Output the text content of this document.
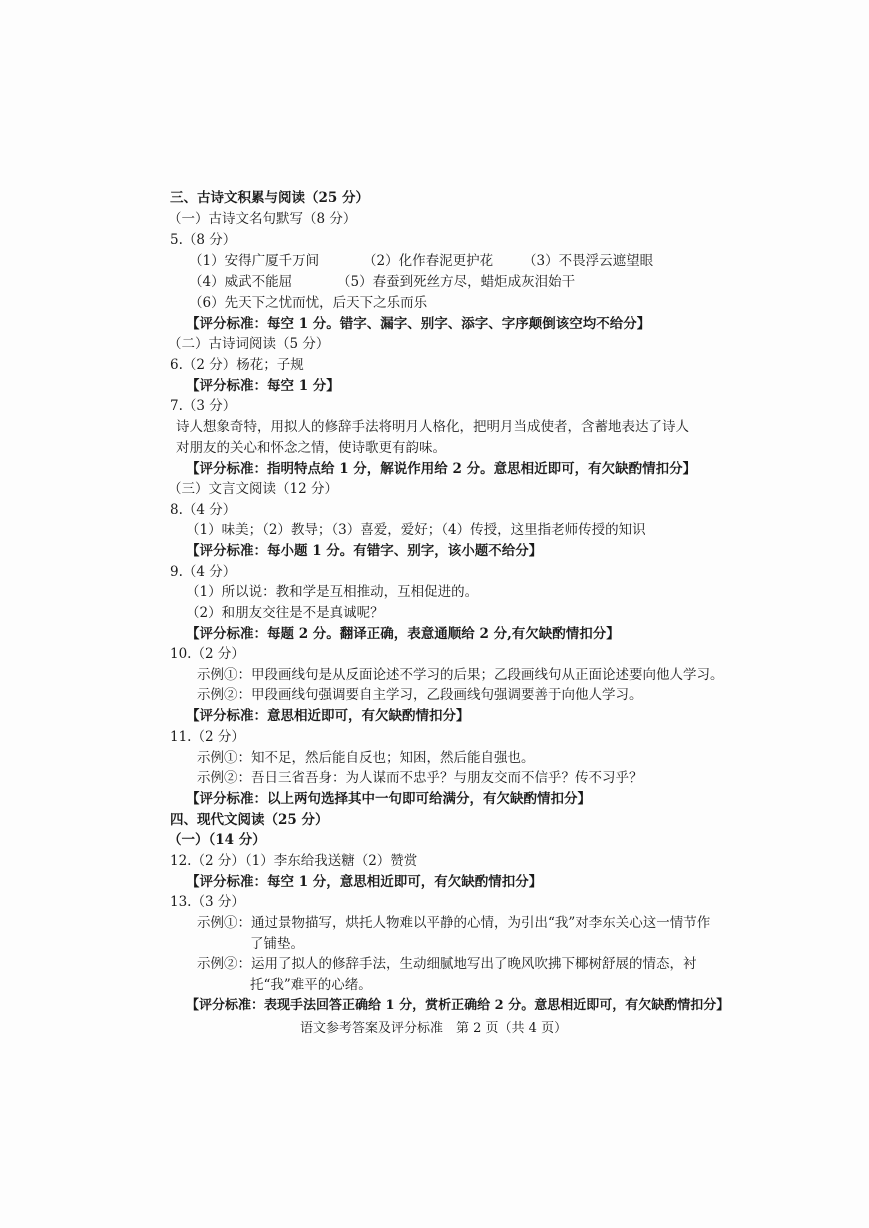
三、古诗文积累与阅读（25 分）
（一）古诗文名句默写（8 分）
5.（8 分）
（1）安得广厦千万间	（2）化作春泥更护花 （3）不畏浮云遮望眼
（4）威武不能屈	（5）春蚕到死丝方尽，蜡炬成灰泪始干
（6）先天下之忧而忧，后天下之乐而乐
【评分标准：每空 1 分。错字、漏字、别字、添字、字序颠倒该空均不给分】
（二）古诗词阅读（5 分）
6.（2 分）杨花；子规
【评分标准：每空 1 分】
7.（3 分）
诗人想象奇特，用拟人的修辞手法将明月人格化，把明月当成使者，含蓄地表达了诗人
对朋友的关心和怀念之情，使诗歌更有韵味。
【评分标准：指明特点给 1 分，解说作用给 2 分。意思相近即可，有欠缺酌情扣分】
（三）文言文阅读（12 分）
8.（4 分）
（1）味美；（2）教导；（3）喜爱，爱好；（4）传授，这里指老师传授的知识
【评分标准：每小题 1 分。有错字、别字，该小题不给分】
9.（4 分）
（1）所以说：教和学是互相推动，互相促进的。
（2）和朋友交往是不是真诚呢？
【评分标准：每题 2 分。翻译正确，表意通顺给 2 分,有欠缺酌情扣分】
10.（2 分）
示例①：甲段画线句是从反面论述不学习的后果；乙段画线句从正面论述要向他人学习。
示例②：甲段画线句强调要自主学习，乙段画线句强调要善于向他人学习。
【评分标准：意思相近即可，有欠缺酌情扣分】
11.（2 分）
示例①：知不足，然后能自反也；知困，然后能自强也。
示例②：吾日三省吾身：为人谋而不忠乎？与朋友交而不信乎？传不习乎？
【评分标准：以上两句选择其中一句即可给满分，有欠缺酌情扣分】
四、现代文阅读（25 分）
（一）（14 分）
12.（2 分）（1）李东给我送糖（2）赞赏
【评分标准：每空 1 分，意思相近即可，有欠缺酌情扣分】
13.（3 分）
示例①：通过景物描写，烘托人物难以平静的心情，为引出“我”对李东关心这一情节作
了铺垫。
示例②：运用了拟人的修辞手法，生动细腻地写出了晚风吹拂下椰树舒展的情态，衬
托“我”难平的心绪。
【评分标准：表现手法回答正确给 1 分，赏析正确给 2 分。意思相近即可，有欠缺酌情扣分】
语文参考答案及评分标准　第 2 页（共 4 页）
